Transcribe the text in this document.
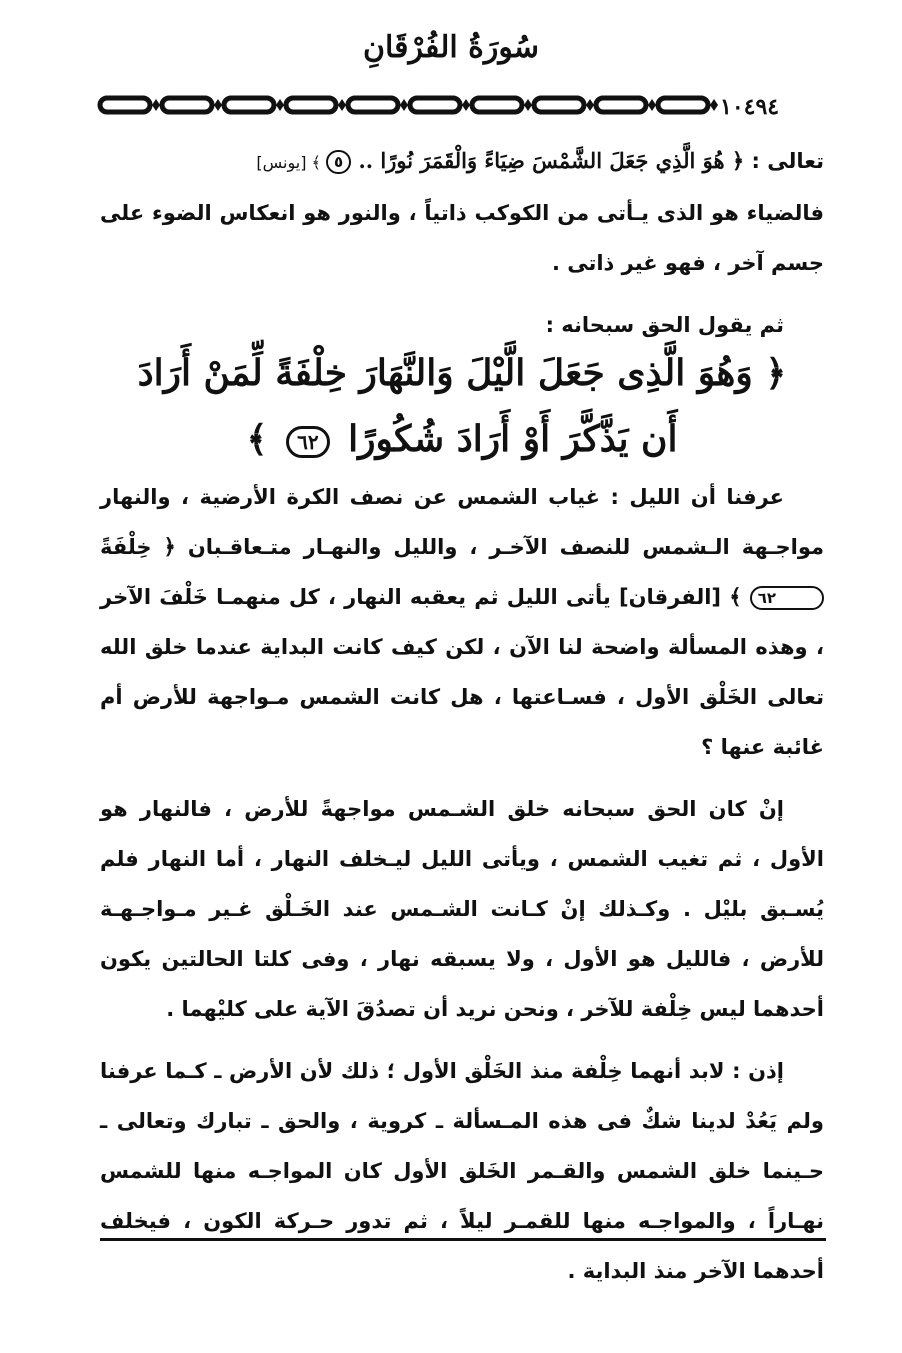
سُورَةُ الفُرْقَانِ
١٠٤٩٤

تعالى : ﴿ هُوَ الَّذِي جَعَلَ الشَّمْسَ ضِيَاءً وَالْقَمَرَ نُورًا .. ٥ ﴾ [يونس]

فالضياء هو الذى يـأتى من الكوكب ذاتياً ، والنور هو انعكاس الضوء على جسم آخر ، فهو غير ذاتى .

ثم يقول الحق سبحانه :

﴿ وَهُوَ الَّذِى جَعَلَ الَّيْلَ وَالنَّهَارَ خِلْفَةً لِّمَنْ أَرَادَ

أَن يَذَّكَّرَ أَوْ أَرَادَ شُكُورًا ٦٢ ﴾

عرفنا أن الليل : غياب الشمس عن نصف الكرة الأرضية ، والنهار مواجـهة الـشمس للنصف الآخـر ، والليل والنهـار متـعاقـبان ﴿ خِلْفَةً ٦٢ ﴾ [الفرقان] يأتى الليل ثم يعقبه النهار ، كل منهمـا خَلْفَ الآخر ، وهذه المسألة واضحة لنا الآن ، لكن كيف كانت البداية عندما خلق الله تعالى الخَلْق الأول ، فسـاعتها ، هل كانت الشمس مـواجهة للأرض أم غائبة عنها ؟

إنْ كان الحق سبحانه خلق الشـمس مواجهةً للأرض ، فالنهار هو الأول ، ثم تغيب الشمس ، ويأتى الليل ليـخلف النهار ، أما النهار فلم يُسـبق بليْل . وكـذلك إنْ كـانت الشـمس عند الخَـلْق غـير مـواجـهـة للأرض ، فالليل هو الأول ، ولا يسبقه نهار ، وفى كلتا الحالتين يكون أحدهما ليس خِلْفة للآخر ، ونحن نريد أن تصدُقَ الآية على كليْهما .

إذن : لابد أنهما خِلْفة منذ الخَلْق الأول ؛ ذلك لأن الأرض ـ كـما عرفنا ولم يَعُدْ لدينا شكٌ فى هذه المـسألة ـ كروية ، والحق ـ تبارك وتعالى ـ حـينما خلق الشمس والقـمر الخَلق الأول كان المواجـه منها للشمس نهـاراً ، والمواجـه منها للقمـر ليلاً ، ثم تدور حـركة الكون ، فيخلف أحدهما الآخر منذ البداية .
